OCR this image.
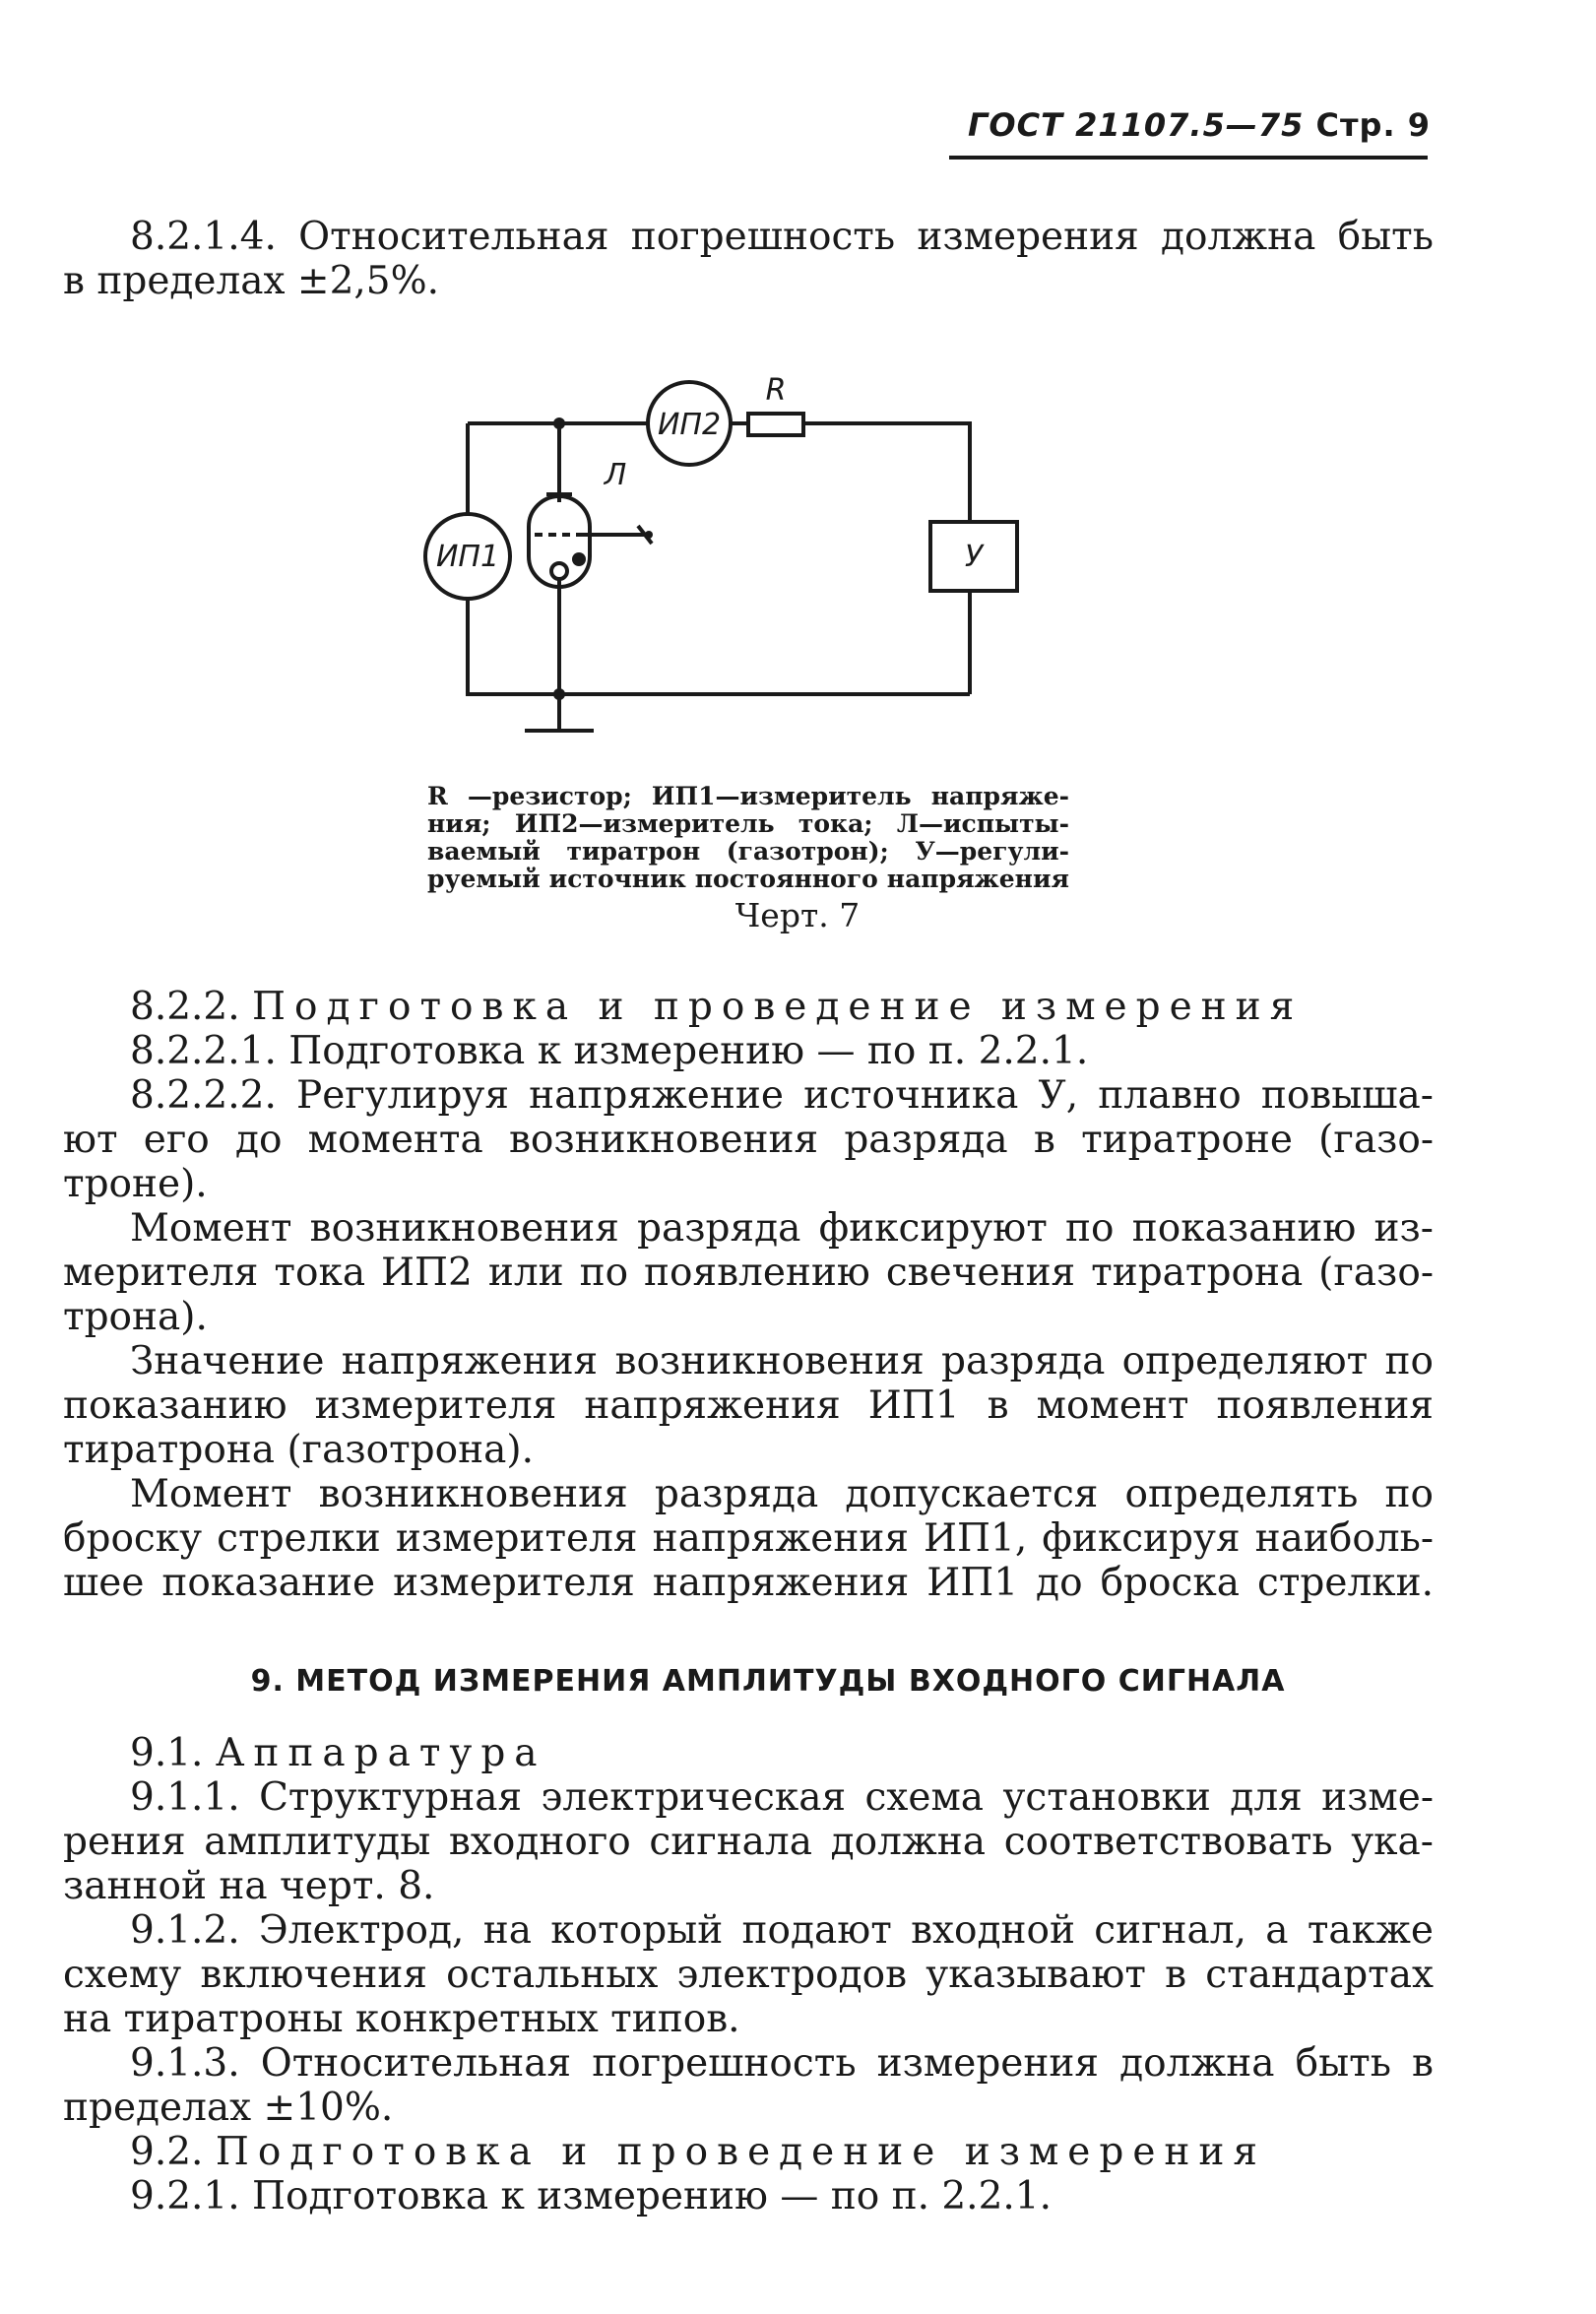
ГОСТ 21107.5—75 Стр. 9
8.2.1.4. Относительная погрешность измерения должна быть
в пределах ±2,5%.
ИП1
ИП2
R
Л
У
R —резистор; ИП1—измеритель напряже-
ния; ИП2—измеритель тока; Л—испыты-
ваемый тиратрон (газотрон); У—регули-
руемый источник постоянного напряжения
Черт. 7
8.2.2. Подготовка и проведение измерения
8.2.2.1. Подготовка к измерению — по п. 2.2.1.
8.2.2.2. Регулируя напряжение источника У, плавно повыша-
ют его до момента возникновения разряда в тиратроне (газо-
троне).
Момент возникновения разряда фиксируют по показанию из-
мерителя тока ИП2 или по появлению свечения тиратрона (газо-
трона).
Значение напряжения возникновения разряда определяют по
показанию измерителя напряжения ИП1 в момент появления
тиратрона (газотрона).
Момент возникновения разряда допускается определять по
броску стрелки измерителя напряжения ИП1, фиксируя наиболь-
шее показание измерителя напряжения ИП1 до броска стрелки.
9. МЕТОД ИЗМЕРЕНИЯ АМПЛИТУДЫ ВХОДНОГО СИГНАЛА
9.1. Аппаратура
9.1.1. Структурная электрическая схема установки для изме-
рения амплитуды входного сигнала должна соответствовать ука-
занной на черт. 8.
9.1.2. Электрод, на который подают входной сигнал, а также
схему включения остальных электродов указывают в стандартах
на тиратроны конкретных типов.
9.1.3. Относительная погрешность измерения должна быть в
пределах ±10%.
9.2. Подготовка и проведение измерения
9.2.1. Подготовка к измерению — по п. 2.2.1.
